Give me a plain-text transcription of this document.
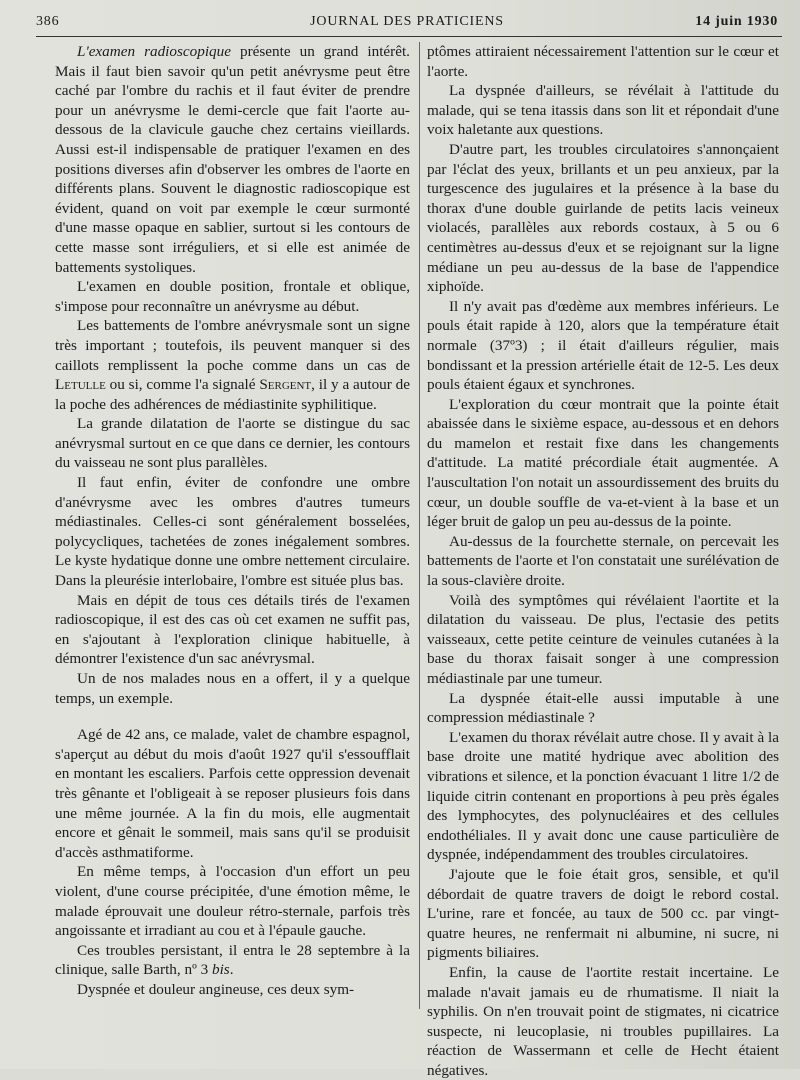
386	JOURNAL DES PRATICIENS	14 juin 1930

L'examen radioscopique présente un grand intérêt. Mais il faut bien savoir qu'un petit anévrysme peut être caché par l'ombre du rachis et il faut éviter de prendre pour un anévrysme le demi-cercle que fait l'aorte au-dessous de la clavicule gauche chez certains vieillards. Aussi est-il indispensable de pratiquer l'examen en des positions diverses afin d'observer les ombres de l'aorte en différents plans. Souvent le diagnostic radioscopique est évident, quand on voit par exemple le cœur surmonté d'une masse opaque en sablier, surtout si les contours de cette masse sont irréguliers, et si elle est animée de battements systoliques.

L'examen en double position, frontale et oblique, s'impose pour reconnaître un anévrysme au début.

Les battements de l'ombre anévrysmale sont un signe très important ; toutefois, ils peuvent manquer si des caillots remplissent la poche comme dans un cas de Letulle ou si, comme l'a signalé Sergent, il y a autour de la poche des adhérences de médiastinite syphilitique.

La grande dilatation de l'aorte se distingue du sac anévrysmal surtout en ce que dans ce dernier, les contours du vaisseau ne sont plus parallèles.

Il faut enfin, éviter de confondre une ombre d'anévrysme avec les ombres d'autres tumeurs médiastinales. Celles-ci sont généralement bosselées, polycycliques, tachetées de zones inégalement sombres. Le kyste hydatique donne une ombre nettement circulaire. Dans la pleurésie interlobaire, l'ombre est située plus bas.

Mais en dépit de tous ces détails tirés de l'examen radioscopique, il est des cas où cet examen ne suffit pas, en s'ajoutant à l'exploration clinique habituelle, à démontrer l'existence d'un sac anévrysmal.

Un de nos malades nous en a offert, il y a quelque temps, un exemple.

Agé de 42 ans, ce malade, valet de chambre espagnol, s'aperçut au début du mois d'août 1927 qu'il s'essoufflait en montant les escaliers. Parfois cette oppression devenait très gênante et l'obligeait à se reposer plusieurs fois dans une même journée. A la fin du mois, elle augmentait encore et gênait le sommeil, mais sans qu'il se produisit d'accès asthmatiforme.

En même temps, à l'occasion d'un effort un peu violent, d'une course précipitée, d'une émotion même, le malade éprouvait une douleur rétro-sternale, parfois très angoissante et irradiant au cou et à l'épaule gauche.

Ces troubles persistant, il entra le 28 septembre à la clinique, salle Barth, nº 3 bis.

Dyspnée et douleur angineuse, ces deux sym-

ptômes attiraient nécessairement l'attention sur le cœur et l'aorte.

La dyspnée d'ailleurs, se révélait à l'attitude du malade, qui se tena itassis dans son lit et répondait d'une voix haletante aux questions.

D'autre part, les troubles circulatoires s'annonçaient par l'éclat des yeux, brillants et un peu anxieux, par la turgescence des jugulaires et la présence à la base du thorax d'une double guirlande de petits lacis veineux violacés, parallèles aux rebords costaux, à 5 ou 6 centimètres au-dessus d'eux et se rejoignant sur la ligne médiane un peu au-dessus de la base de l'appendice xiphoïde.

Il n'y avait pas d'œdème aux membres inférieurs. Le pouls était rapide à 120, alors que la température était normale (37º3) ; il était d'ailleurs régulier, mais bondissant et la pression artérielle était de 12-5. Les deux pouls étaient égaux et synchrones.

L'exploration du cœur montrait que la pointe était abaissée dans le sixième espace, au-dessous et en dehors du mamelon et restait fixe dans les changements d'attitude. La matité précordiale était augmentée. A l'auscultation l'on notait un assourdissement des bruits du cœur, un double souffle de va-et-vient à la base et un léger bruit de galop un peu au-dessus de la pointe.

Au-dessus de la fourchette sternale, on percevait les battements de l'aorte et l'on constatait une surélévation de la sous-clavière droite.

Voilà des symptômes qui révélaient l'aortite et la dilatation du vaisseau. De plus, l'ectasie des petits vaisseaux, cette petite ceinture de veinules cutanées à la base du thorax faisait songer à une compression médiastinale par une tumeur.

La dyspnée était-elle aussi imputable à une compression médiastinale ?

L'examen du thorax révélait autre chose. Il y avait à la base droite une matité hydrique avec abolition des vibrations et silence, et la ponction évacuant 1 litre 1/2 de liquide citrin contenant en proportions à peu près égales des lymphocytes, des polynucléaires et des cellules endothéliales. Il y avait donc une cause particulière de dyspnée, indépendamment des troubles circulatoires.

J'ajoute que le foie était gros, sensible, et qu'il débordait de quatre travers de doigt le rebord costal. L'urine, rare et foncée, au taux de 500 cc. par vingt-quatre heures, ne renfermait ni albumine, ni sucre, ni pigments biliaires.

Enfin, la cause de l'aortite restait incertaine. Le malade n'avait jamais eu de rhumatisme. Il niait la syphilis. On n'en trouvait point de stigmates, ni cicatrice suspecte, ni leucoplasie, ni troubles pupillaires. La réaction de Wassermann et celle de Hecht étaient négatives.
